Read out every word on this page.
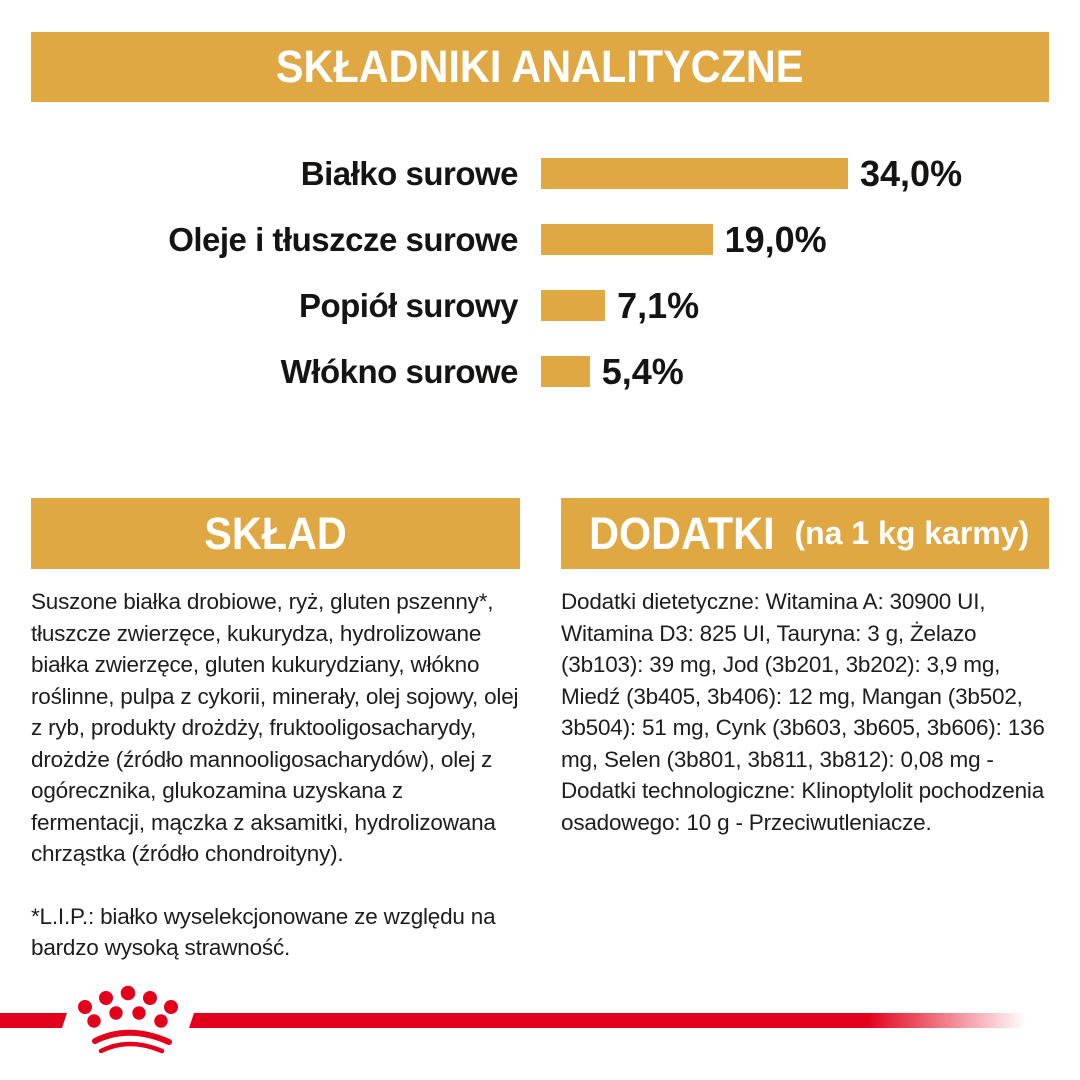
SKŁADNIKI ANALITYCZNE
Białko surowe	34,0%
Oleje i tłuszcze surowe	19,0%
Popiół surowy	7,1%
Włókno surowe 5,4%
SKŁAD
Suszone białka drobiowe, ryż, gluten pszenny*, tłuszcze zwierzęce, kukurydza, hydrolizowane białka zwierzęce, gluten kukurydziany, włókno roślinne, pulpa z cykorii, minerały, olej sojowy, olej z ryb, produkty drożdży, fruktooligosacharydy, drożdże (źródło mannooligosacharydów), olej z ogórecznika, glukozamina uzyskana z fermentacji, mączka z aksamitki, hydrolizowana chrząstka (źródło chondroityny).
*L.I.P.: białko wyselekcjonowane ze względu na bardzo wysoką strawność.
DODATKI (na 1 kg karmy)
Dodatki dietetyczne: Witamina A: 30900 UI, Witamina D3: 825 UI, Tauryna: 3 g, Żelazo (3b103): 39 mg, Jod (3b201, 3b202): 3,9 mg, Miedź (3b405, 3b406): 12 mg, Mangan (3b502, 3b504): 51 mg, Cynk (3b603, 3b605, 3b606): 136 mg, Selen (3b801, 3b811, 3b812): 0,08 mg - Dodatki technologiczne: Klinoptylolit pochodzenia osadowego: 10 g - Przeciwutleniacze.
